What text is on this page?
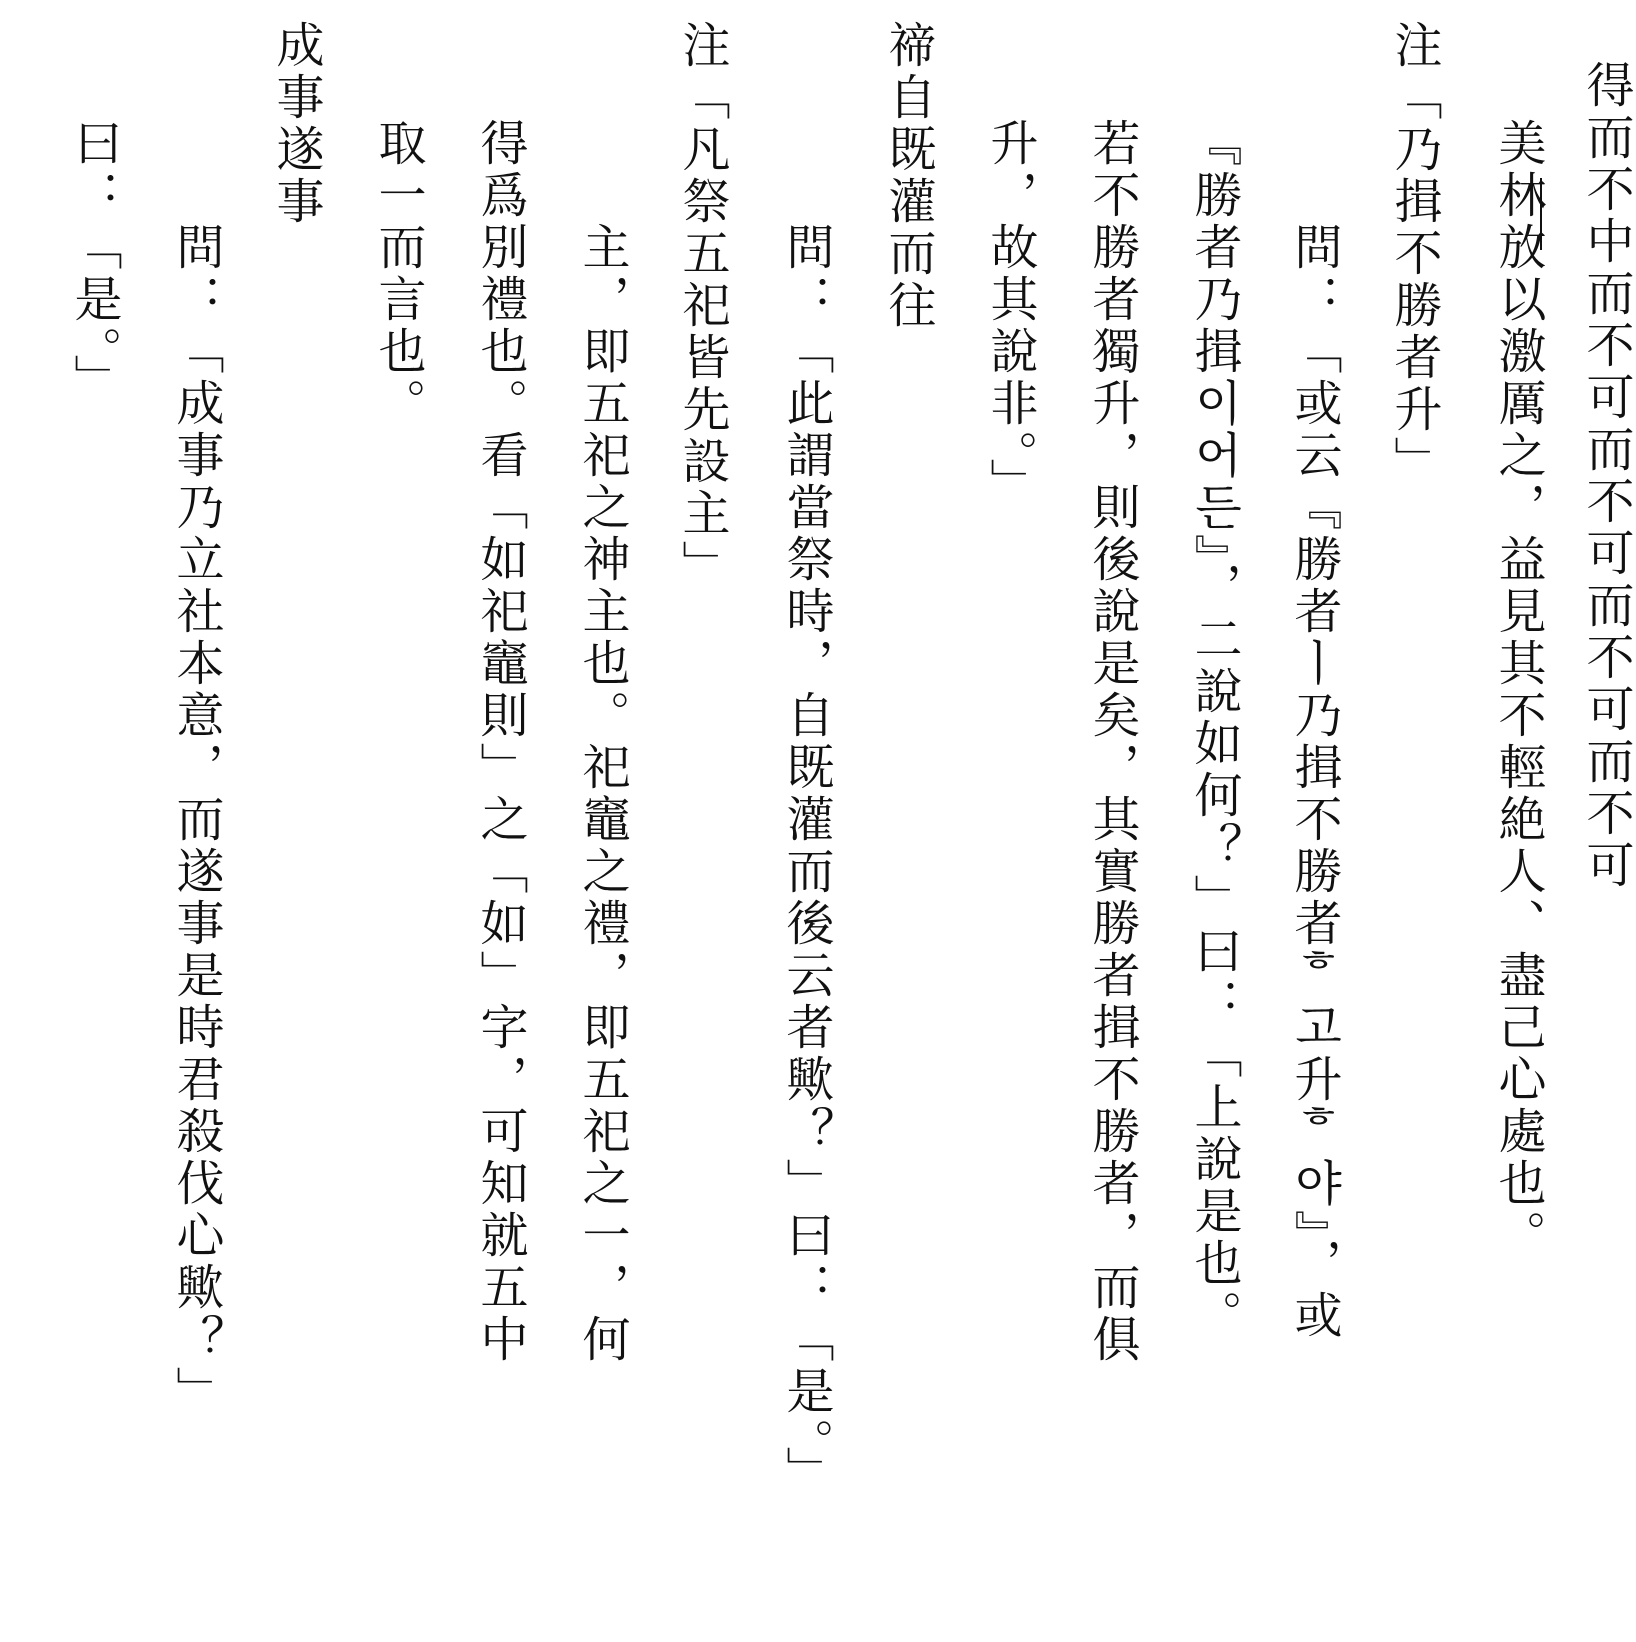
美林放以激厲之，益見其不輕絶人、盡己心處也。
注「乃揖不勝者升」
問：「或云『勝者ㅣ乃揖不勝者ᄒ고升ᄒ야』，或
『勝者乃揖이어든』，二說如何？」曰：「上說是也。
若不勝者獨升，則後說是矣，其實勝者揖不勝者，而俱
升，故其說非。」
禘自既灌而往
問：「此謂當祭時，自既灌而後云者歟？」曰：「是。」
注「凡祭五祀皆先設主」
主，即五祀之神主也。祀竈之禮，即五祀之一，何
得爲別禮也。看「如祀竈則」之「如」字，可知就五中
取一而言也。
成事遂事
問：「成事乃立社本意，而遂事是時君殺伐心歟？」
曰：「是。」	得而不中而不可而不可而不可而不可
